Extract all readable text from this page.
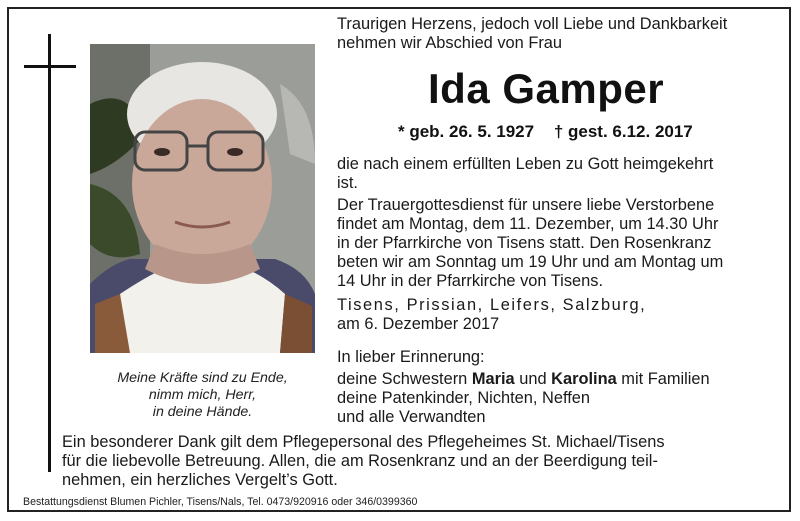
Meine Kräfte sind zu Ende,
nimm mich, Herr,
in deine Hände.
Traurigen Herzens, jedoch voll Liebe und Dankbarkeit
nehmen wir Abschied von Frau
Ida Gamper
* geb. 26. 5. 1927 † gest. 6.12. 2017
die nach einem erfüllten Leben zu Gott heimgekehrt
ist.
Der Trauergottesdienst für unsere liebe Verstorbene
findet am Montag, dem 11. Dezember, um 14.30 Uhr
in der Pfarrkirche von Tisens statt. Den Rosenkranz
beten wir am Sonntag um 19 Uhr und am Montag um
14 Uhr in der Pfarrkirche von Tisens.
Tisens, Prissian, Leifers, Salzburg,
am 6. Dezember 2017
In lieber Erinnerung:
deine Schwestern Maria und Karolina mit Familien
deine Patenkinder, Nichten, Neffen
und alle Verwandten
Ein besonderer Dank gilt dem Pflegepersonal des Pflegeheimes St. Michael/Tisens
für die liebevolle Betreuung. Allen, die am Rosenkranz und an der Beerdigung teil-
nehmen, ein herzliches Vergelt’s Gott.
Bestattungsdienst Blumen Pichler, Tisens/Nals, Tel. 0473/920916 oder 346/0399360
